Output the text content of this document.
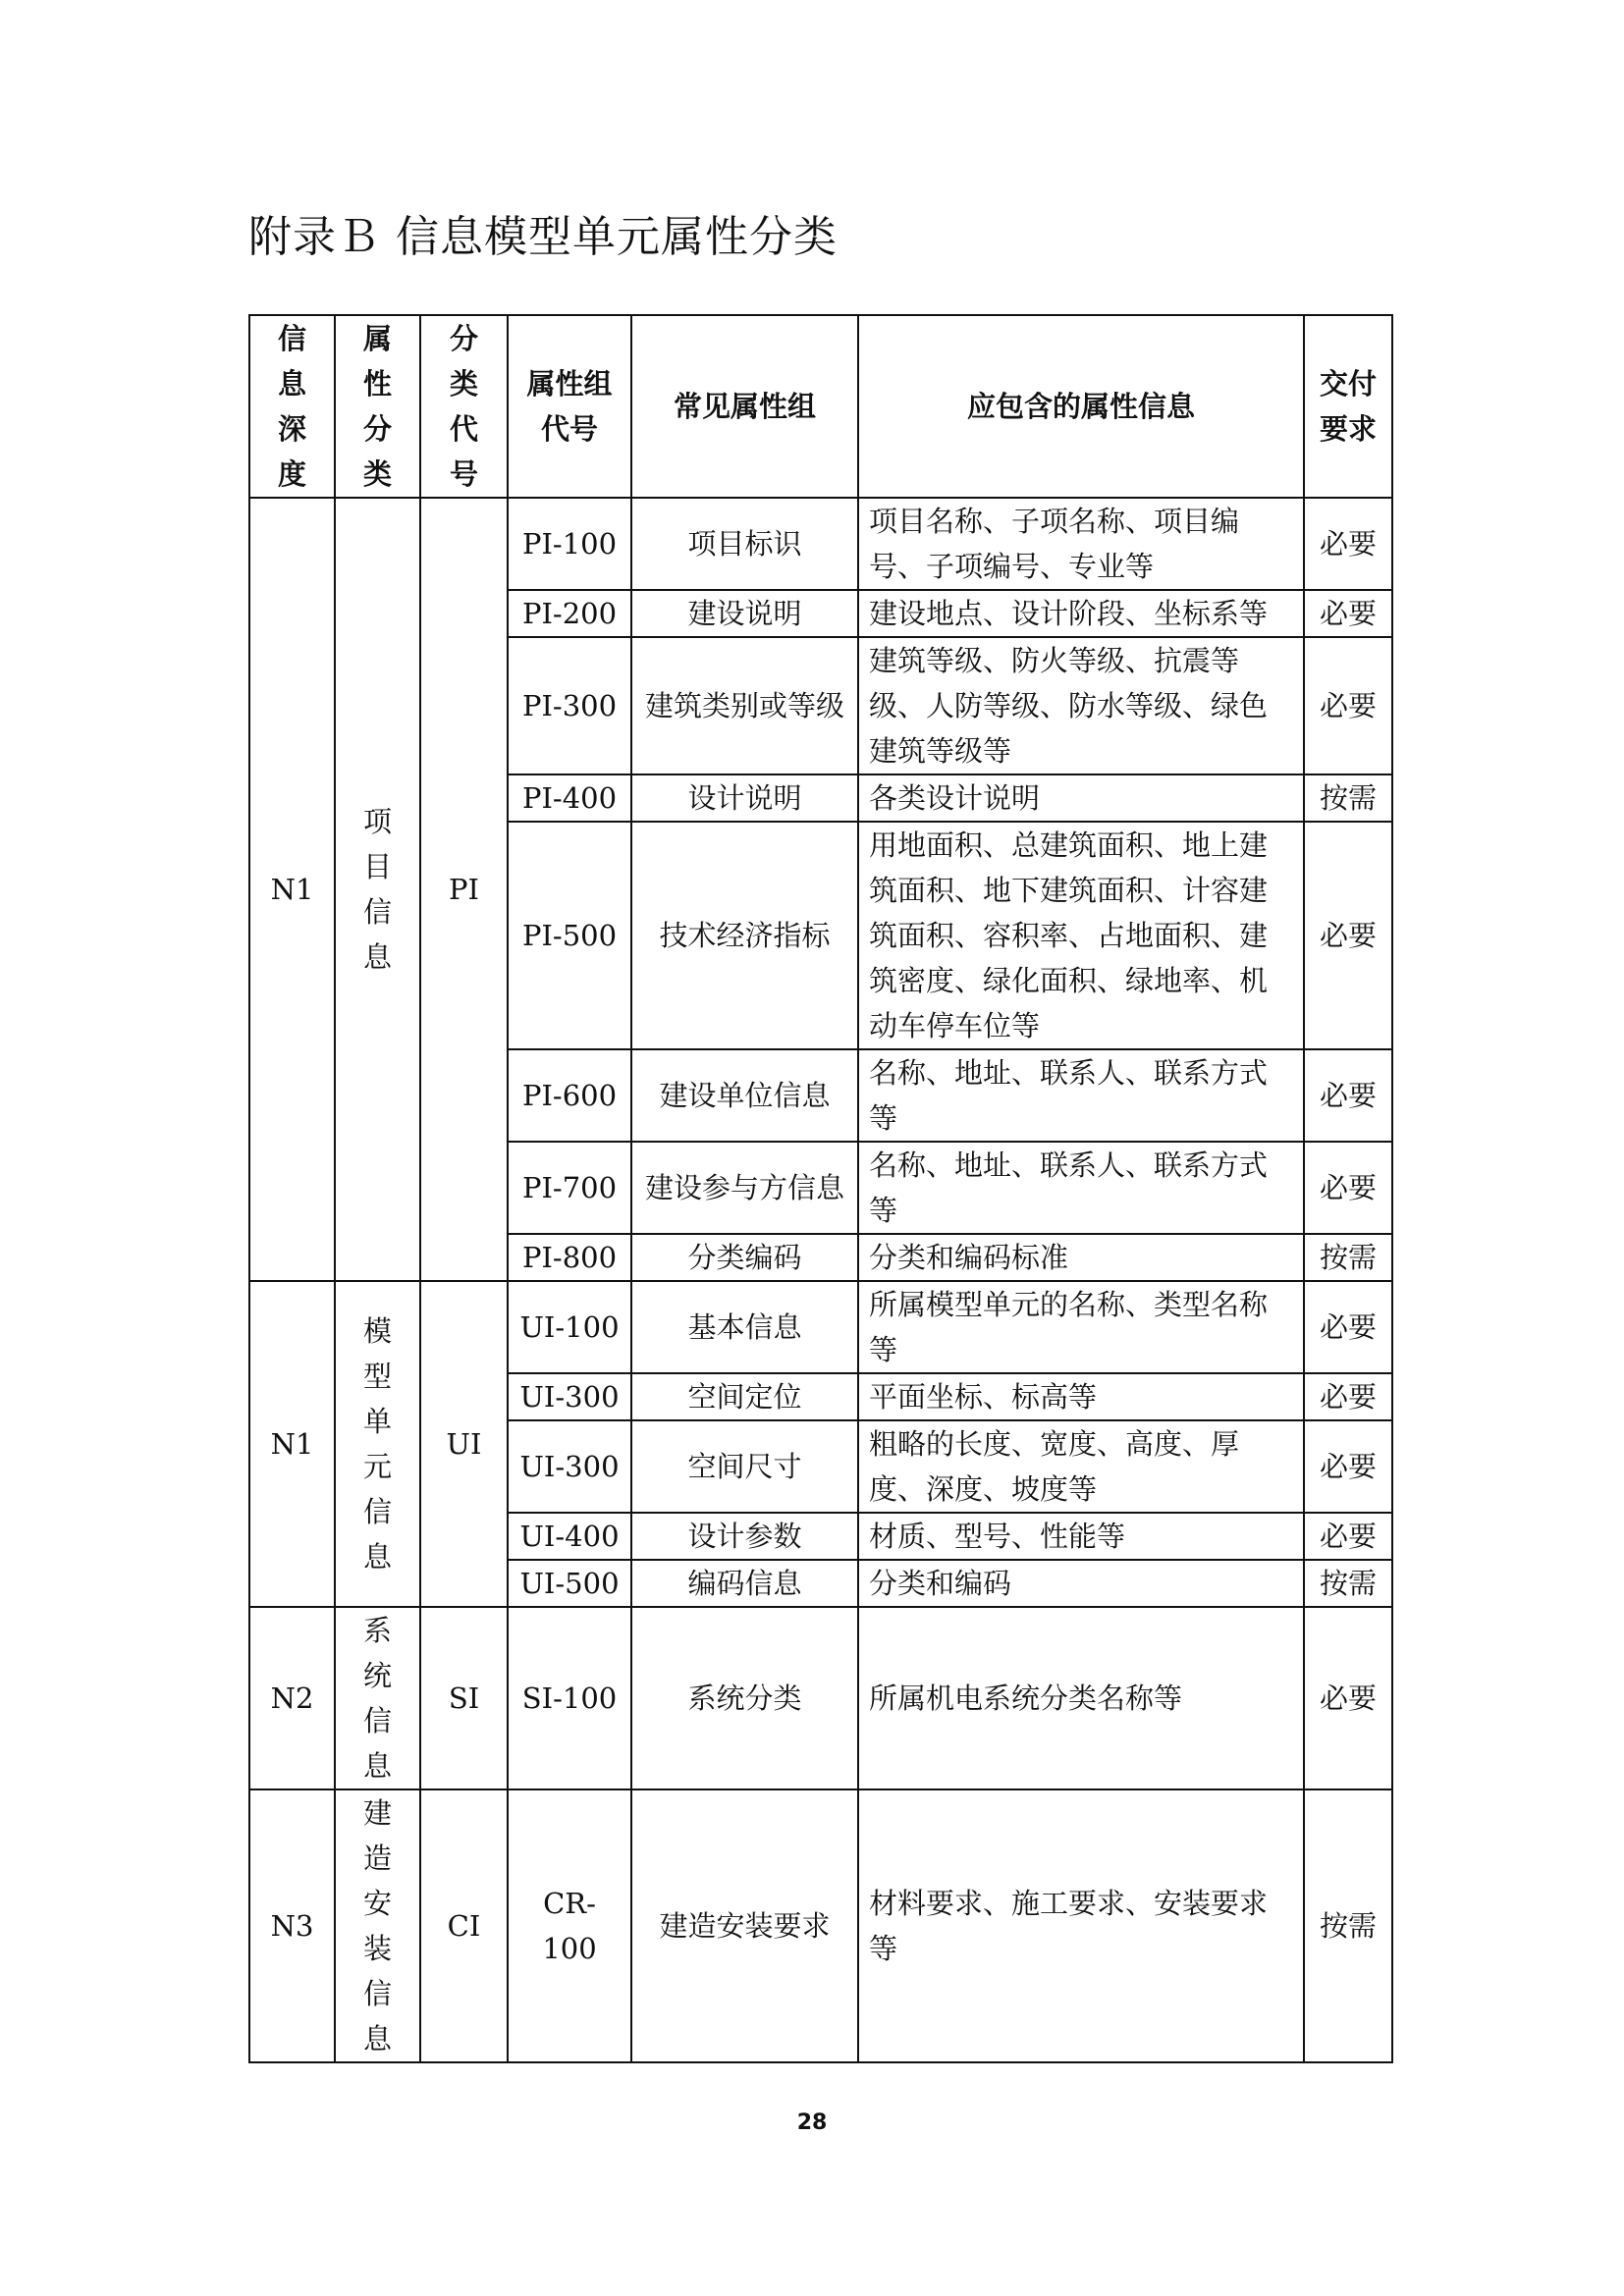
附录Ｂ 信息模型单元属性分类
信息深度	属性分类	分类代号	属性组代号	常见属性组	应包含的属性信息	交付要求
N1	项目信息	PI	PI-100	项目标识	项目名称、子项名称、项目编号、子项编号、专业等	必要
			PI-200	建设说明	建设地点、设计阶段、坐标系等	必要
			PI-300	建筑类别或等级	建筑等级、防火等级、抗震等级、人防等级、防水等级、绿色建筑等级等	必要
			PI-400	设计说明	各类设计说明	按需
			PI-500	技术经济指标	用地面积、总建筑面积、地上建筑面积、地下建筑面积、计容建筑面积、容积率、占地面积、建筑密度、绿化面积、绿地率、机动车停车位等	必要
			PI-600	建设单位信息	名称、地址、联系人、联系方式等	必要
			PI-700	建设参与方信息	名称、地址、联系人、联系方式等	必要
			PI-800	分类编码	分类和编码标准	按需
N1	模型单元信息	UI	UI-100	基本信息	所属模型单元的名称、类型名称等	必要
			UI-300	空间定位	平面坐标、标高等	必要
			UI-300	空间尺寸	粗略的长度、宽度、高度、厚度、深度、坡度等	必要
			UI-400	设计参数	材质、型号、性能等	必要
			UI-500	编码信息	分类和编码	按需
N2	系统信息	SI	SI-100	系统分类	所属机电系统分类名称等	必要
N3	建造安装信息	CI	CR-100	建造安装要求	材料要求、施工要求、安装要求等	按需
28
